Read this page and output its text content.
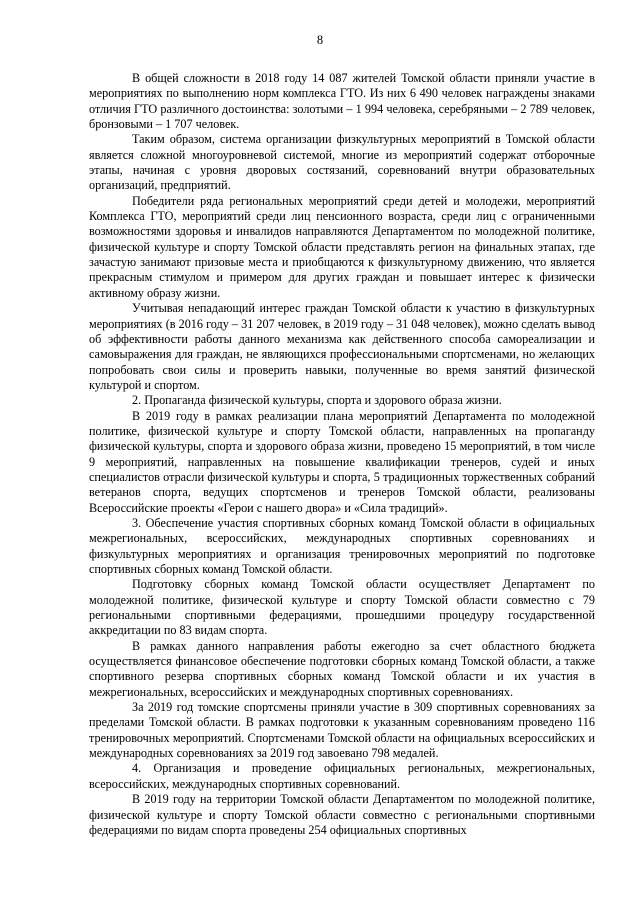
8

В общей сложности в 2018 году 14 087 жителей Томской области приняли участие в мероприятиях по выполнению норм комплекса ГТО. Из них 6 490 человек награждены знаками отличия ГТО различного достоинства: золотыми – 1 994 человека, серебряными – 2 789 человек, бронзовыми – 1 707 человек.

Таким образом, система организации физкультурных мероприятий в Томской области является сложной многоуровневой системой, многие из мероприятий содержат отборочные этапы, начиная с уровня дворовых состязаний, соревнований внутри образовательных организаций, предприятий.

Победители ряда региональных мероприятий среди детей и молодежи, мероприятий Комплекса ГТО, мероприятий среди лиц пенсионного возраста, среди лиц с ограниченными возможностями здоровья и инвалидов направляются Департаментом по молодежной политике, физической культуре и спорту Томской области представлять регион на финальных этапах, где зачастую занимают призовые места и приобщаются к физкультурному движению, что является прекрасным стимулом и примером для других граждан и повышает интерес к физически активному образу жизни.

Учитывая непадающий интерес граждан Томской области к участию в физкультурных мероприятиях (в 2016 году – 31 207 человек, в 2019 году – 31 048 человек), можно сделать вывод об эффективности работы данного механизма как действенного способа самореализации и самовыражения для граждан, не являющихся профессиональными спортсменами, но желающих попробовать свои силы и проверить навыки, полученные во время занятий физической культурой и спортом.

2. Пропаганда физической культуры, спорта и здорового образа жизни.

В 2019 году в рамках реализации плана мероприятий Департамента по молодежной политике, физической культуре и спорту Томской области, направленных на пропаганду физической культуры, спорта и здорового образа жизни, проведено 15 мероприятий, в том числе 9 мероприятий, направленных на повышение квалификации тренеров, судей и иных специалистов отрасли физической культуры и спорта, 5 традиционных торжественных собраний ветеранов спорта, ведущих спортсменов и тренеров Томской области, реализованы Всероссийские проекты «Герои с нашего двора» и «Сила традиций».

3. Обеспечение участия спортивных сборных команд Томской области в официальных межрегиональных, всероссийских, международных спортивных соревнованиях и физкультурных мероприятиях и организация тренировочных мероприятий по подготовке спортивных сборных команд Томской области.

Подготовку сборных команд Томской области осуществляет Департамент по молодежной политике, физической культуре и спорту Томской области совместно с 79 региональными спортивными федерациями, прошедшими процедуру государственной аккредитации по 83 видам спорта.

В рамках данного направления работы ежегодно за счет областного бюджета осуществляется финансовое обеспечение подготовки сборных команд Томской области, а также спортивного резерва спортивных сборных команд Томской области и их участия в межрегиональных, всероссийских и международных спортивных соревнованиях.

За 2019 год томские спортсмены приняли участие в 309 спортивных соревнованиях за пределами Томской области. В рамках подготовки к указанным соревнованиям проведено 116 тренировочных мероприятий. Спортсменами Томской области на официальных всероссийских и международных соревнованиях за 2019 год завоевано 798 медалей.

4. Организация и проведение официальных региональных, межрегиональных, всероссийских, международных спортивных соревнований.

В 2019 году на территории Томской области Департаментом по молодежной политике, физической культуре и спорту Томской области совместно с региональными спортивными федерациями по видам спорта проведены 254 официальных спортивных
